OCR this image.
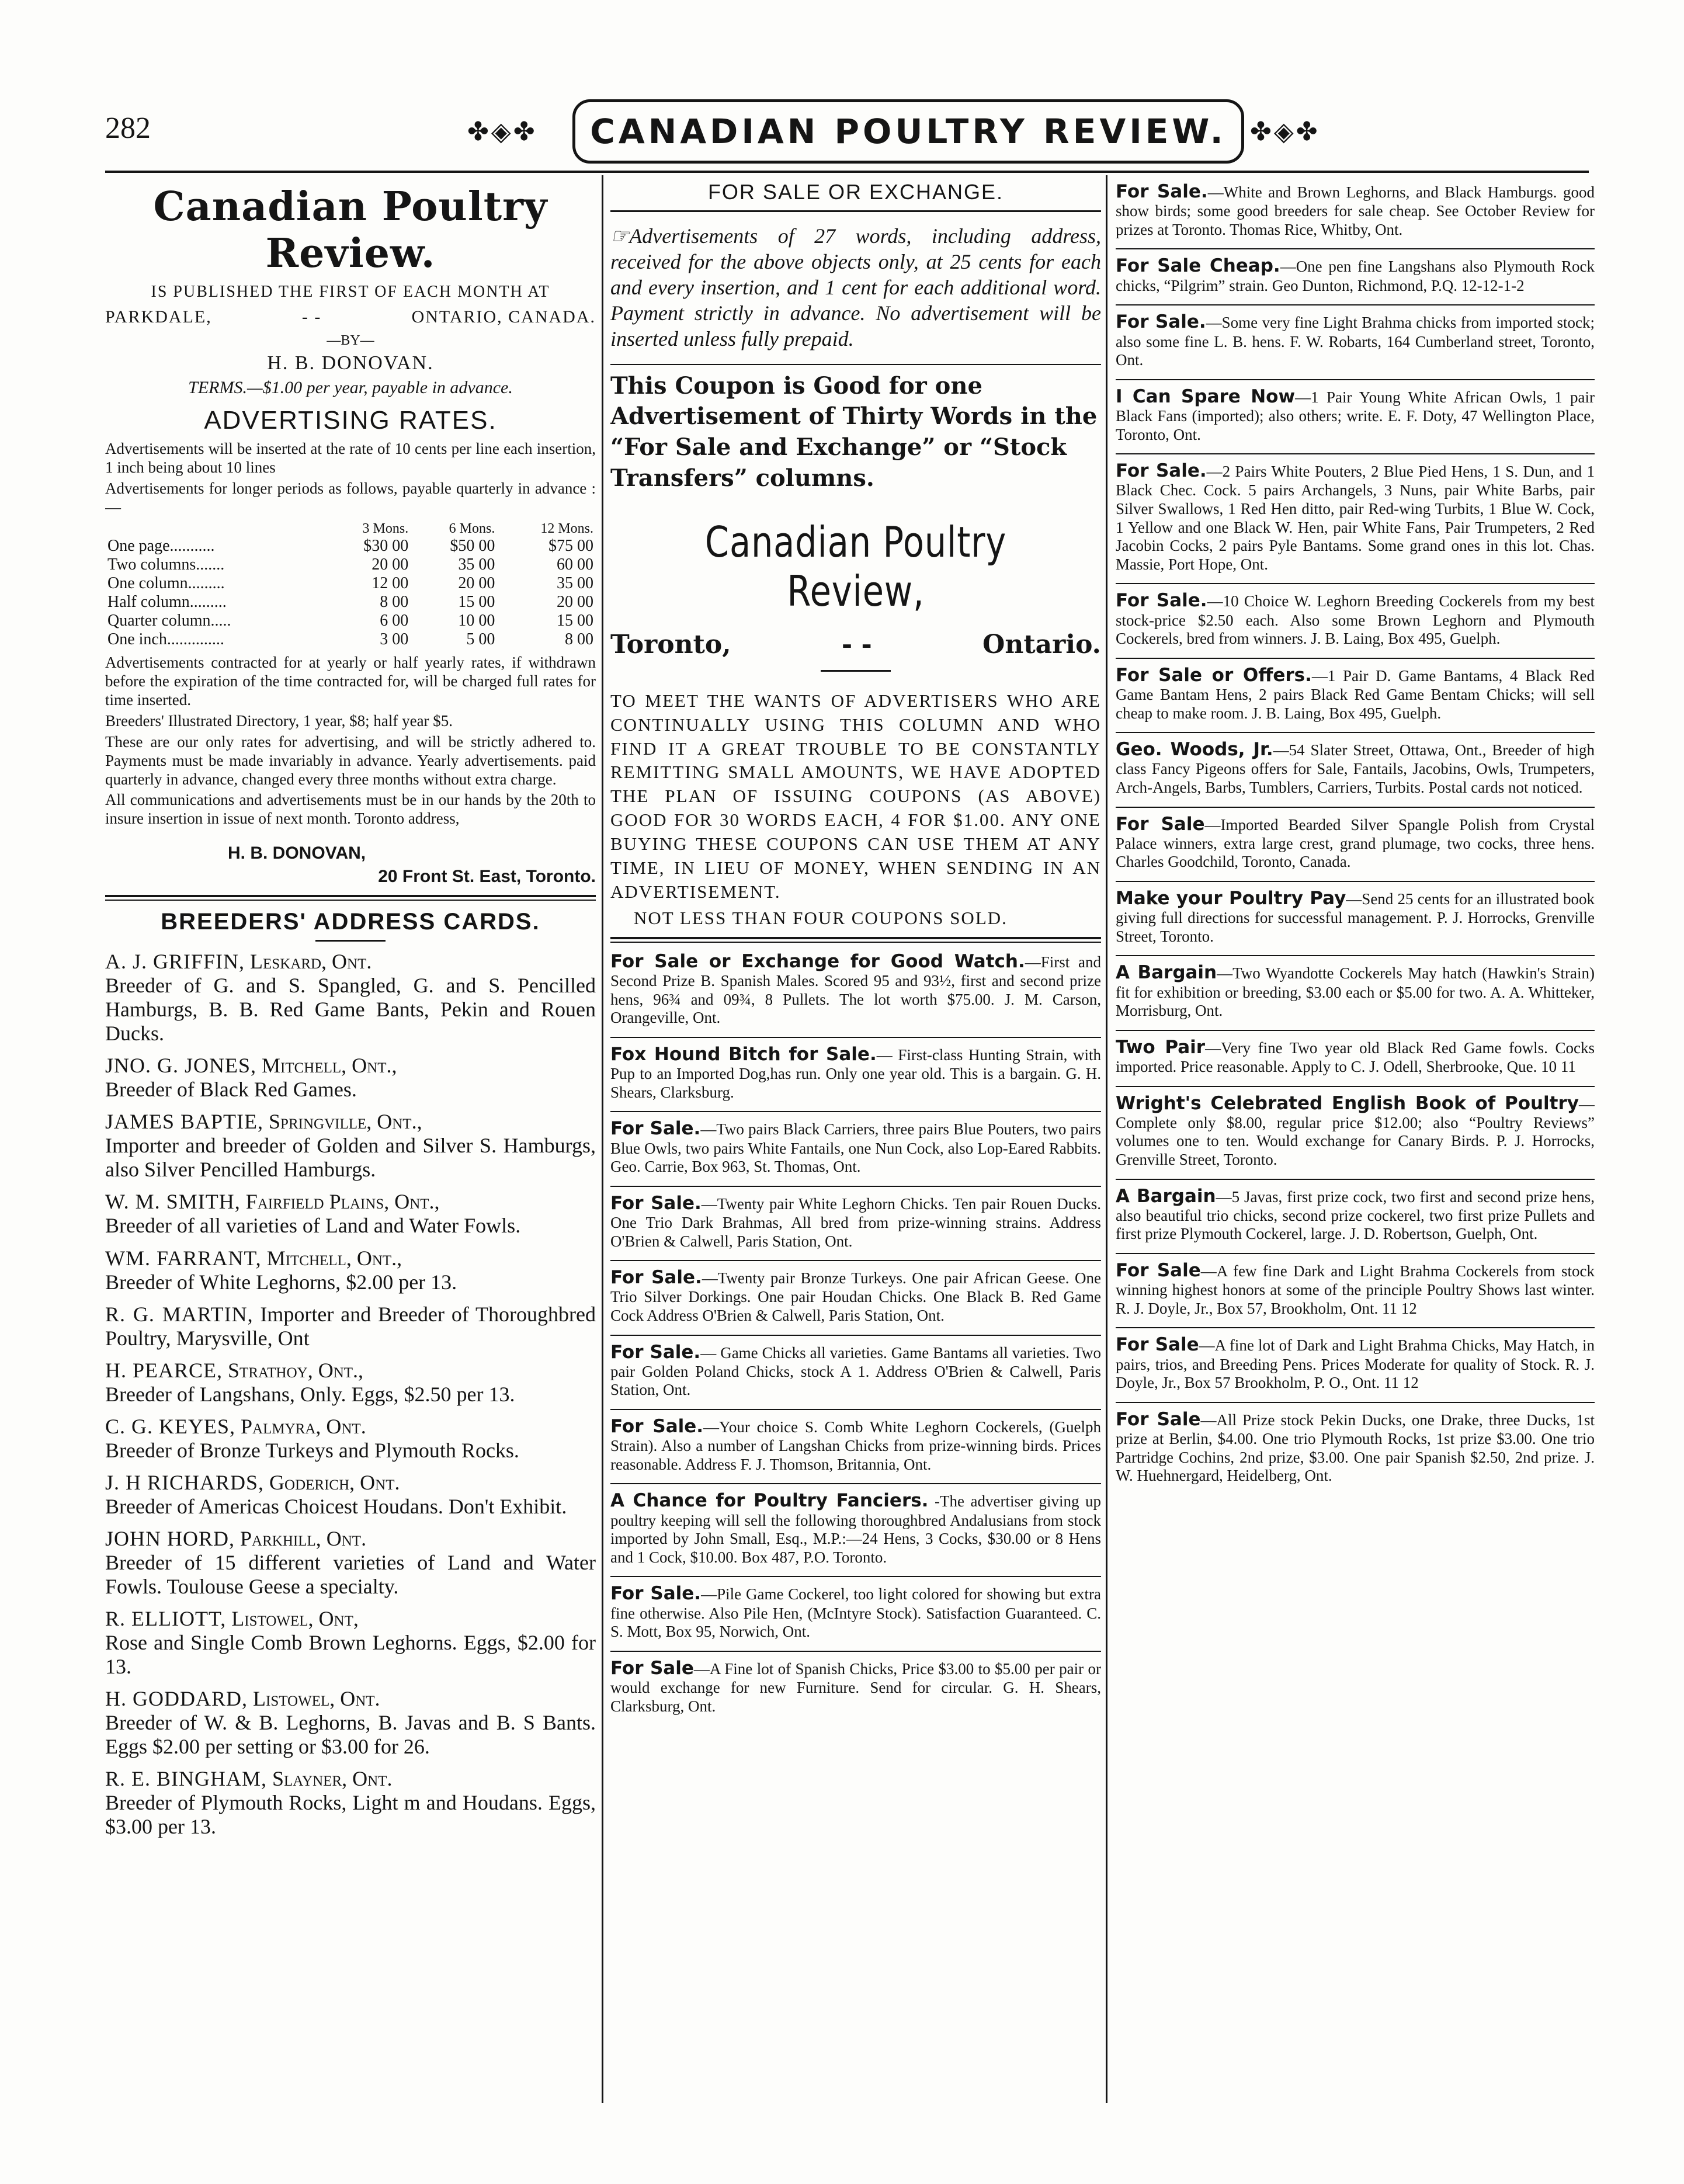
282	✤◈✤	CANADIAN POULTRY REVIEW. ✤◈✤
Canadian Poultry Review.
IS PUBLISHED THE FIRST OF EACH MONTH AT
PARKDALE,	- -	ONTARIO, CANADA.
—BY—
H. B. DONOVAN.
TERMS.—$1.00 per year, payable in advance.
ADVERTISING RATES.

Advertisements will be inserted at the rate of 10 cents per line each insertion, 1 inch being about 10 lines

Advertisements for longer periods as follows, payable quarterly in advance :—

	3 Mons.	6 Mons.	12 Mons.
One page...........	$30 00	$50 00	$75 00
Two columns.......	20 00	35 00	60 00
One column.........	12 00	20 00	35 00
Half column.........	8 00	15 00	20 00
Quarter column.....	6 00	10 00	15 00
One inch..............	3 00	5 00	8 00

Advertisements contracted for at yearly or half yearly rates, if withdrawn before the expiration of the time contracted for, will be charged full rates for time inserted.

Breeders' Illustrated Directory, 1 year, $8; half year $5.

These are our only rates for advertising, and will be strictly adhered to. Payments must be made invariably in advance. Yearly advertisements. paid quarterly in advance, changed every three months without extra charge.

All communications and advertisements must be in our hands by the 20th to insure insertion in issue of next month. Toronto address,

H. B. DONOVAN,
20 Front St. East, Toronto.
BREEDERS' ADDRESS CARDS.

A. J. GRIFFIN, Leskard, Ont.
Breeder of G. and S. Spangled, G. and S. Pencilled Hamburgs, B. B. Red Game Bants, Pekin and Rouen Ducks.

JNO. G. JONES, Mitchell, Ont.,
Breeder of Black Red Games.

JAMES BAPTIE, Springville, Ont.,
Importer and breeder of Golden and Silver S. Hamburgs, also Silver Pencilled Hamburgs.

W. M. SMITH, Fairfield Plains, Ont.,
Breeder of all varieties of Land and Water Fowls.

WM. FARRANT, Mitchell, Ont.,
Breeder of White Leghorns, $2.00 per 13.

R. G. MARTIN, Importer and Breeder of Thoroughbred Poultry, Marysville, Ont

H. PEARCE, Strathoy, Ont.,
Breeder of Langshans, Only. Eggs, $2.50 per 13.

C. G. KEYES, Palmyra, Ont.
Breeder of Bronze Turkeys and Plymouth Rocks.

J. H RICHARDS, Goderich, Ont.
Breeder of Americas Choicest Houdans. Don't Exhibit.

JOHN HORD, Parkhill, Ont.
Breeder of 15 different varieties of Land and Water Fowls. Toulouse Geese a specialty.

R. ELLIOTT, Listowel, Ont,
Rose and Single Comb Brown Leghorns. Eggs, $2.00 for 13.

H. GODDARD, Listowel, Ont.
Breeder of W. & B. Leghorns, B. Javas and B. S Bants. Eggs $2.00 per setting or $3.00 for 26.

R. E. BINGHAM, Slayner, Ont.
Breeder of Plymouth Rocks, Light m and Houdans. Eggs, $3.00 per 13.

FOR SALE OR EXCHANGE.
☞Advertisements of 27 words, including address, received for the above objects only, at 25 cents for each and every insertion, and 1 cent for each additional word. Payment strictly in advance. No advertisement will be inserted unless fully prepaid.
This Coupon is Good for one Advertisement of Thirty Words in the “For Sale and Exchange” or “Stock Transfers” columns.
Canadian Poultry Review,
Toronto,	- -	Ontario.
TO MEET THE WANTS OF ADVERTISERS WHO ARE CONTINUALLY USING THIS COLUMN AND WHO FIND IT A GREAT TROUBLE TO BE CONSTANTLY REMITTING SMALL AMOUNTS, WE HAVE ADOPTED THE PLAN OF ISSUING COUPONS (AS ABOVE) GOOD FOR 30 WORDS EACH, 4 FOR $1.00. ANY ONE BUYING THESE COUPONS CAN USE THEM AT ANY TIME, IN LIEU OF MONEY, WHEN SENDING IN AN ADVERTISEMENT.
NOT LESS THAN FOUR COUPONS SOLD.

For Sale or Exchange for Good Watch.—First and Second Prize B. Spanish Males. Scored 95 and 93½, first and second prize hens, 96¾ and 09¾, 8 Pullets. The lot worth $75.00. J. M. Carson, Orangeville, Ont.

Fox Hound Bitch for Sale.— First-class Hunting Strain, with Pup to an Imported Dog,has run. Only one year old. This is a bargain. G. H. Shears, Clarksburg.

For Sale.—Two pairs Black Carriers, three pairs Blue Pouters, two pairs Blue Owls, two pairs White Fantails, one Nun Cock, also Lop-Eared Rabbits. Geo. Carrie, Box 963, St. Thomas, Ont.

For Sale.—Twenty pair White Leghorn Chicks. Ten pair Rouen Ducks. One Trio Dark Brahmas, All bred from prize-winning strains. Address O'Brien & Calwell, Paris Station, Ont.

For Sale.—Twenty pair Bronze Turkeys. One pair African Geese. One Trio Silver Dorkings. One pair Houdan Chicks. One Black B. Red Game Cock Address O'Brien & Calwell, Paris Station, Ont.

For Sale.— Game Chicks all varieties. Game Bantams all varieties. Two pair Golden Poland Chicks, stock A 1. Address O'Brien & Calwell, Paris Station, Ont.

For Sale.—Your choice S. Comb White Leghorn Cockerels, (Guelph Strain). Also a number of Langshan Chicks from prize-winning birds. Prices reasonable. Address F. J. Thomson, Britannia, Ont.

A Chance for Poultry Fanciers. -The advertiser giving up poultry keeping will sell the following thoroughbred Andalusians from stock imported by John Small, Esq., M.P.:—24 Hens, 3 Cocks, $30.00 or 8 Hens and 1 Cock, $10.00. Box 487, P.O. Toronto.

For Sale.—Pile Game Cockerel, too light colored for showing but extra fine otherwise. Also Pile Hen, (McIntyre Stock). Satisfaction Guaranteed. C. S. Mott, Box 95, Norwich, Ont.

For Sale—A Fine lot of Spanish Chicks, Price $3.00 to $5.00 per pair or would exchange for new Furniture. Send for circular. G. H. Shears, Clarksburg, Ont.

For Sale.—White and Brown Leghorns, and Black Hamburgs. good show birds; some good breeders for sale cheap. See October Review for prizes at Toronto. Thomas Rice, Whitby, Ont.

For Sale Cheap.—One pen fine Langshans also Plymouth Rock chicks, “Pilgrim” strain. Geo Dunton, Richmond, P.Q. 12-12-1-2

For Sale.—Some very fine Light Brahma chicks from imported stock; also some fine L. B. hens. F. W. Robarts, 164 Cumberland street, Toronto, Ont.

I Can Spare Now—1 Pair Young White African Owls, 1 pair Black Fans (imported); also others; write. E. F. Doty, 47 Wellington Place, Toronto, Ont.

For Sale.—2 Pairs White Pouters, 2 Blue Pied Hens, 1 S. Dun, and 1 Black Chec. Cock. 5 pairs Archangels, 3 Nuns, pair White Barbs, pair Silver Swallows, 1 Red Hen ditto, pair Red-wing Turbits, 1 Blue W. Cock, 1 Yellow and one Black W. Hen, pair White Fans, Pair Trumpeters, 2 Red Jacobin Cocks, 2 pairs Pyle Bantams. Some grand ones in this lot. Chas. Massie, Port Hope, Ont.

For Sale.—10 Choice W. Leghorn Breeding Cockerels from my best stock-price $2.50 each. Also some Brown Leghorn and Plymouth Cockerels, bred from winners. J. B. Laing, Box 495, Guelph.

For Sale or Offers.—1 Pair D. Game Bantams, 4 Black Red Game Bantam Hens, 2 pairs Black Red Game Bentam Chicks; will sell cheap to make room. J. B. Laing, Box 495, Guelph.

Geo. Woods, Jr.—54 Slater Street, Ottawa, Ont., Breeder of high class Fancy Pigeons offers for Sale, Fantails, Jacobins, Owls, Trumpeters, Arch-Angels, Barbs, Tumblers, Carriers, Turbits. Postal cards not noticed.

For Sale—Imported Bearded Silver Spangle Polish from Crystal Palace winners, extra large crest, grand plumage, two cocks, three hens. Charles Goodchild, Toronto, Canada.

Make your Poultry Pay—Send 25 cents for an illustrated book giving full directions for successful management. P. J. Horrocks, Grenville Street, Toronto.

A Bargain—Two Wyandotte Cockerels May hatch (Hawkin's Strain) fit for exhibition or breeding, $3.00 each or $5.00 for two. A. A. Whitteker, Morrisburg, Ont.

Two Pair—Very fine Two year old Black Red Game fowls. Cocks imported. Price reasonable. Apply to C. J. Odell, Sherbrooke, Que. 10 11

Wright's Celebrated English Book of Poultry—Complete only $8.00, regular price $12.00; also “Poultry Reviews” volumes one to ten. Would exchange for Canary Birds. P. J. Horrocks, Grenville Street, Toronto.

A Bargain—5 Javas, first prize cock, two first and second prize hens, also beautiful trio chicks, second prize cockerel, two first prize Pullets and first prize Plymouth Cockerel, large. J. D. Robertson, Guelph, Ont.

For Sale—A few fine Dark and Light Brahma Cockerels from stock winning highest honors at some of the principle Poultry Shows last winter. R. J. Doyle, Jr., Box 57, Brookholm, Ont. 11 12

For Sale—A fine lot of Dark and Light Brahma Chicks, May Hatch, in pairs, trios, and Breeding Pens. Prices Moderate for quality of Stock. R. J. Doyle, Jr., Box 57 Brookholm, P. O., Ont. 11 12

For Sale—All Prize stock Pekin Ducks, one Drake, three Ducks, 1st prize at Berlin, $4.00. One trio Plymouth Rocks, 1st prize $3.00. One trio Partridge Cochins, 2nd prize, $3.00. One pair Spanish $2.50, 2nd prize. J. W. Huehnergard, Heidelberg, Ont.
